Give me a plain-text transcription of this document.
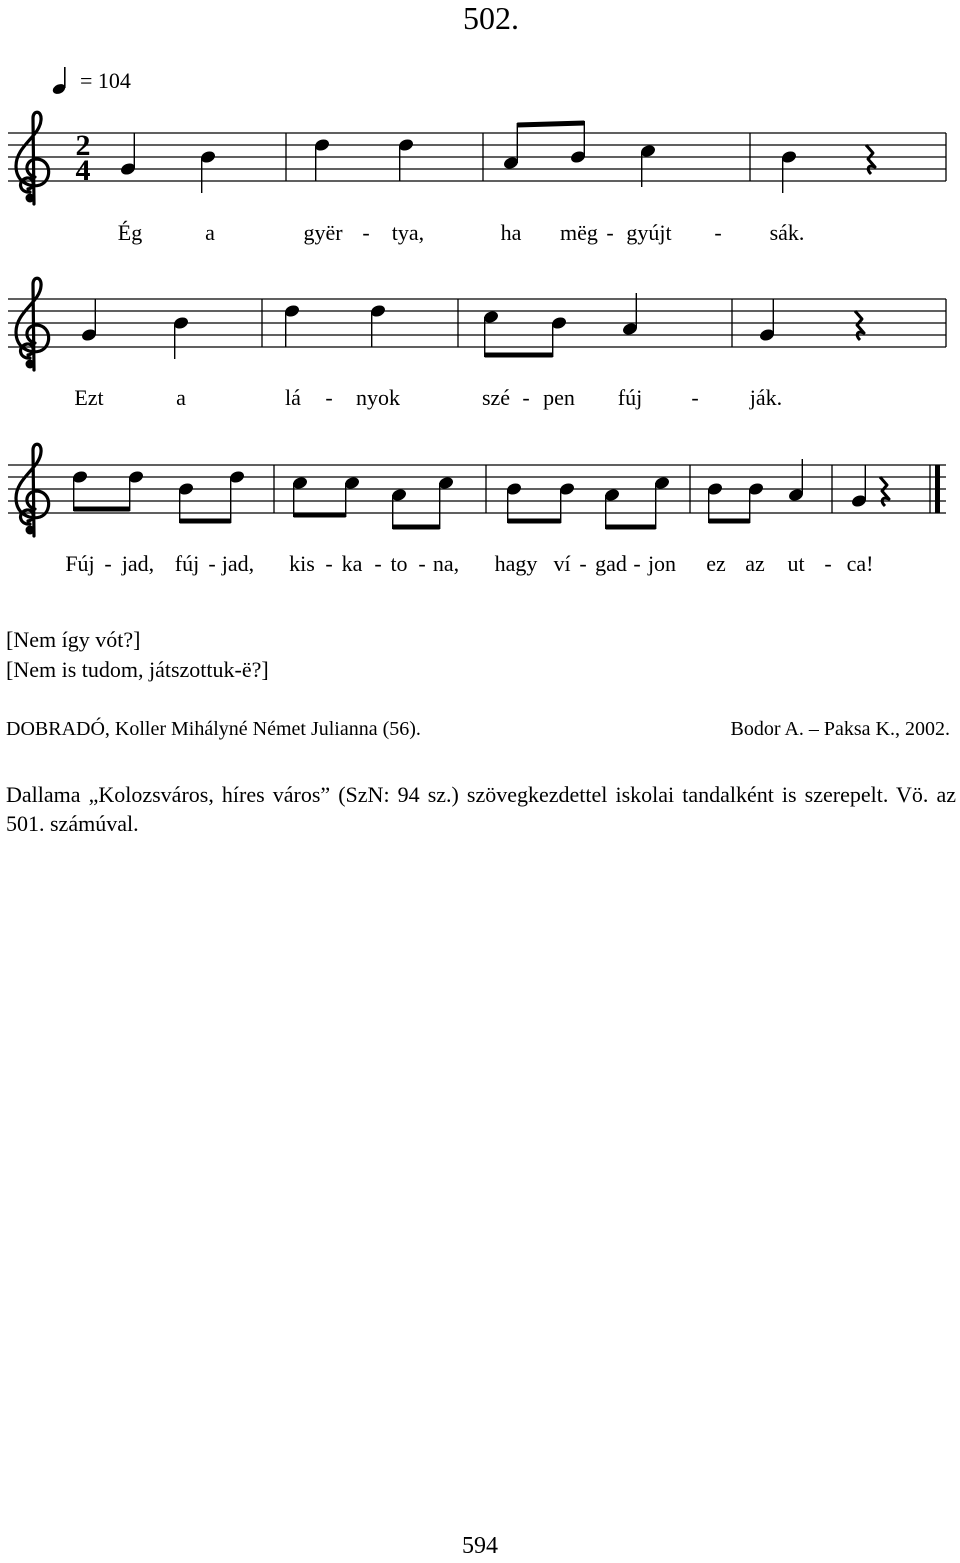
502.
= 104
2
4
Ég	a	gyër - tya,	ha mëg - gyújt - sák.
Ezt	a	lá - nyok	szé - pen fúj - ják.
Fúj - jad, fúj - jad, kis - ka - to - na, hagy ví - gad - jon ez az ut - ca!
[Nem így vót?]
[Nem is tudom, játszottuk-ë?]
DOBRADÓ, Koller Mihályné Német Julianna (56).	Bodor A. – Paksa K., 2002.
Dallama „Kolozsváros, híres város” (SzN: 94 sz.) szövegkezdettel iskolai tandalként is szerepelt. Vö. az 501. számúval.
594
